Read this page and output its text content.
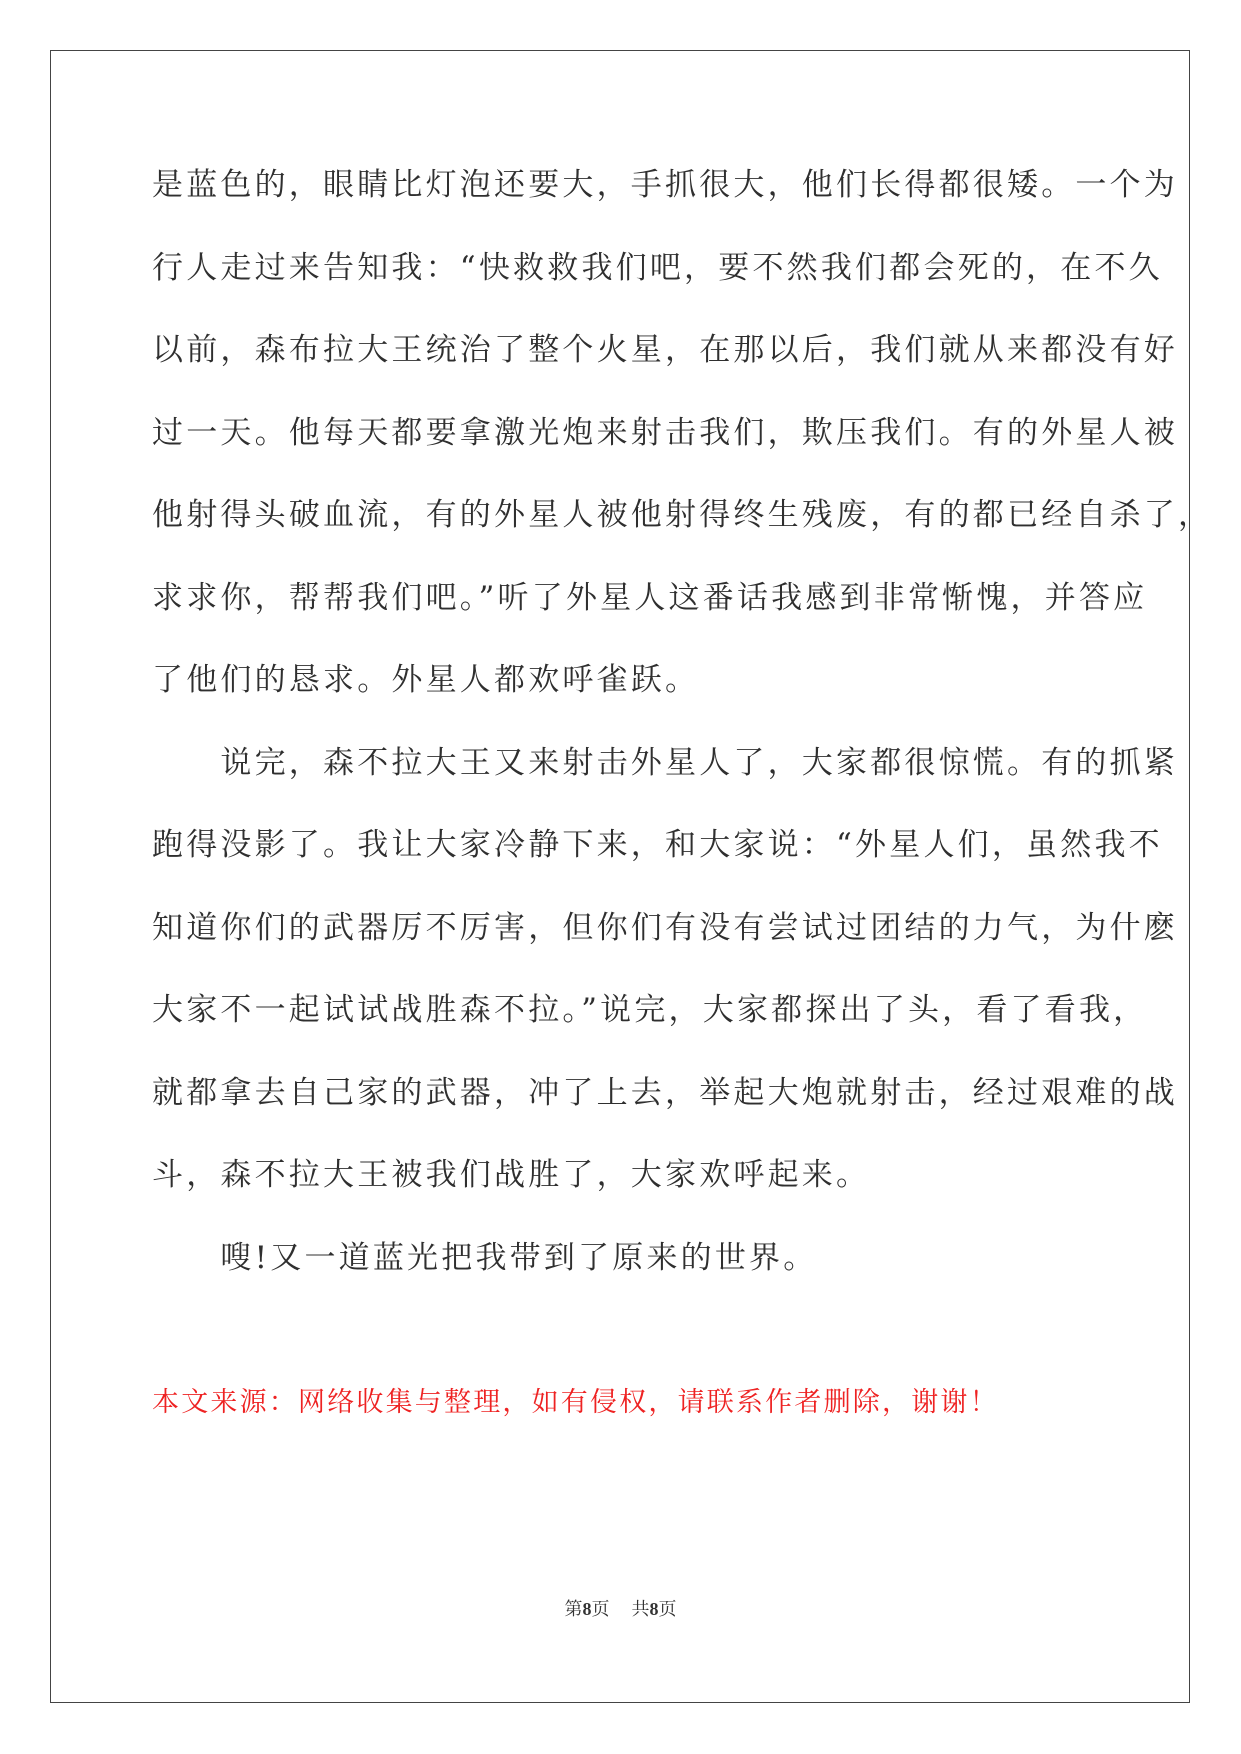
是蓝色的，眼睛比灯泡还要大，手抓很大，他们长得都很矮。一个为
行人走过来告知我：“快救救我们吧，要不然我们都会死的，在不久
以前，森布拉大王统治了整个火星，在那以后，我们就从来都没有好
过一天。他每天都要拿激光炮来射击我们，欺压我们。有的外星人被
他射得头破血流，有的外星人被他射得终生残废，有的都已经自杀了，
求求你，帮帮我们吧。”听了外星人这番话我感到非常惭愧，并答应
了他们的恳求。外星人都欢呼雀跃。
　　说完，森不拉大王又来射击外星人了，大家都很惊慌。有的抓紧
跑得没影了。我让大家冷静下来，和大家说：“外星人们，虽然我不
知道你们的武器厉不厉害，但你们有没有尝试过团结的力气，为什麽
大家不一起试试战胜森不拉。”说完，大家都探出了头，看了看我，
就都拿去自己家的武器，冲了上去，举起大炮就射击，经过艰难的战
斗，森不拉大王被我们战胜了，大家欢呼起来。
　　嗖!又一道蓝光把我带到了原来的世界。
本文来源：网络收集与整理，如有侵权，请联系作者删除，谢谢！
第8页 共8页
